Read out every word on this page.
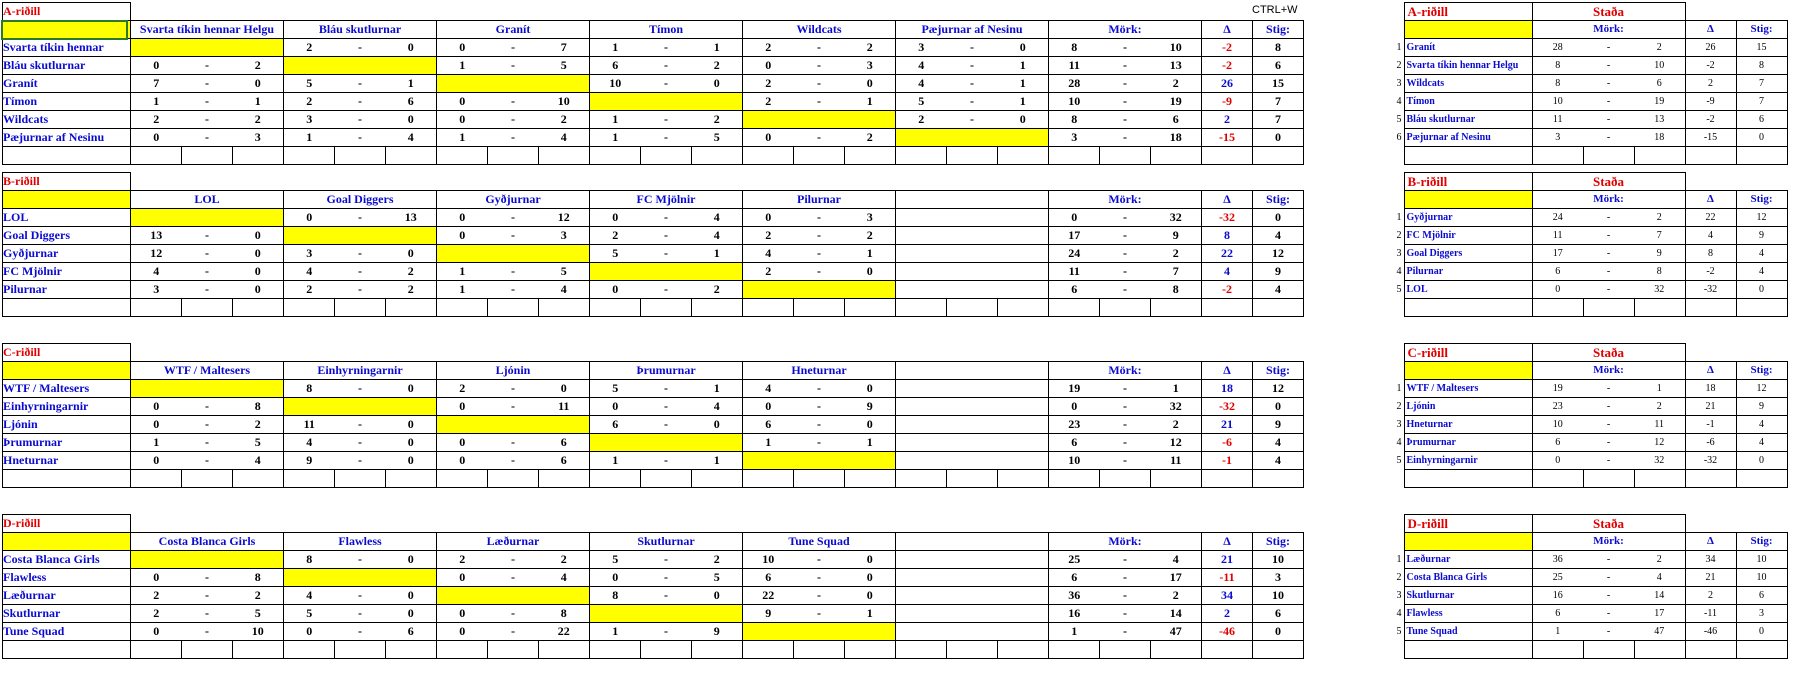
CTRL+W
A-riðill																							
	Svarta tíkin hennar Helgu			Bláu skutlurnar			Granít			Tímon			Wildcats			Pæjurnar af Nesinu			Mörk:			Δ	Stig:
Svarta tíkin hennar				2	-	0	0	-	7	1	-	1	2	-	2	3	-	0	8	-	10	-2	8
Bláu skutlurnar	0	-	2				1	-	5	6	-	2	0	-	3	4	-	1	11	-	13	-2	6
Granít	7	-	0	5	-	1				10	-	0	2	-	0	4	-	1	28	-	2	26	15
Tímon	1	-	1	2	-	6	0	-	10				2	-	1	5	-	1	10	-	19	-9	7
Wildcats	2	-	2	3	-	0	0	-	2	1	-	2				2	-	0	8	-	6	2	7
Pæjurnar af Nesinu	0	-	3	1	-	4	1	-	4	1	-	5	0	-	2				3	-	18	-15	0

	A-riðill	Staða				
		Mörk:			Δ	Stig:
1	Granít	28	-	2	26	15
2	Svarta tíkin hennar Helgu	8	-	10	-2	8
3	Wildcats	8	-	6	2	7
4	Tímon	10	-	19	-9	7
5	Bláu skutlurnar	11	-	13	-2	6
6	Pæjurnar af Nesinu	3	-	18	-15	0

B-riðill																							
	LOL			Goal Diggers			Gyðjurnar			FC Mjölnir			Pilurnar						Mörk:			Δ	Stig:
LOL				0	-	13	0	-	12	0	-	4	0	-	3				0	-	32	-32	0
Goal Diggers	13	-	0				0	-	3	2	-	4	2	-	2				17	-	9	8	4
Gyðjurnar	12	-	0	3	-	0				5	-	1	4	-	1				24	-	2	22	12
FC Mjölnir	4	-	0	4	-	2	1	-	5				2	-	0				11	-	7	4	9
Pilurnar	3	-	0	2	-	2	1	-	4	0	-	2							6	-	8	-2	4

	B-riðill	Staða				
		Mörk:			Δ	Stig:
1	Gyðjurnar	24	-	2	22	12
2	FC Mjölnir	11	-	7	4	9
3	Goal Diggers	17	-	9	8	4
4	Pilurnar	6	-	8	-2	4
5	LOL	0	-	32	-32	0

C-riðill																							
	WTF / Maltesers			Einhyrningarnir			Ljónin			Þrumurnar			Hneturnar						Mörk:			Δ	Stig:
WTF / Maltesers				8	-	0	2	-	0	5	-	1	4	-	0				19	-	1	18	12
Einhyrningarnir	0	-	8				0	-	11	0	-	4	0	-	9				0	-	32	-32	0
Ljónin	0	-	2	11	-	0				6	-	0	6	-	0				23	-	2	21	9
Þrumurnar	1	-	5	4	-	0	0	-	6				1	-	1				6	-	12	-6	4
Hneturnar	0	-	4	9	-	0	0	-	6	1	-	1							10	-	11	-1	4

	C-riðill	Staða				
		Mörk:			Δ	Stig:
1	WTF / Maltesers	19	-	1	18	12
2	Ljónin	23	-	2	21	9
3	Hneturnar	10	-	11	-1	4
4	Þrumurnar	6	-	12	-6	4
5	Einhyrningarnir	0	-	32	-32	0

D-riðill																							
	Costa Blanca Girls			Flawless			Læðurnar			Skutlurnar			Tune Squad						Mörk:			Δ	Stig:
Costa Blanca Girls				8	-	0	2	-	2	5	-	2	10	-	0				25	-	4	21	10
Flawless	0	-	8				0	-	4	0	-	5	6	-	0				6	-	17	-11	3
Læðurnar	2	-	2	4	-	0				8	-	0	22	-	0				36	-	2	34	10
Skutlurnar	2	-	5	5	-	0	0	-	8				9	-	1				16	-	14	2	6
Tune Squad	0	-	10	0	-	6	0	-	22	1	-	9							1	-	47	-46	0

	D-riðill	Staða				
		Mörk:			Δ	Stig:
1	Læðurnar	36	-	2	34	10
2	Costa Blanca Girls	25	-	4	21	10
3	Skutlurnar	16	-	14	2	6
4	Flawless	6	-	17	-11	3
5	Tune Squad	1	-	47	-46	0
